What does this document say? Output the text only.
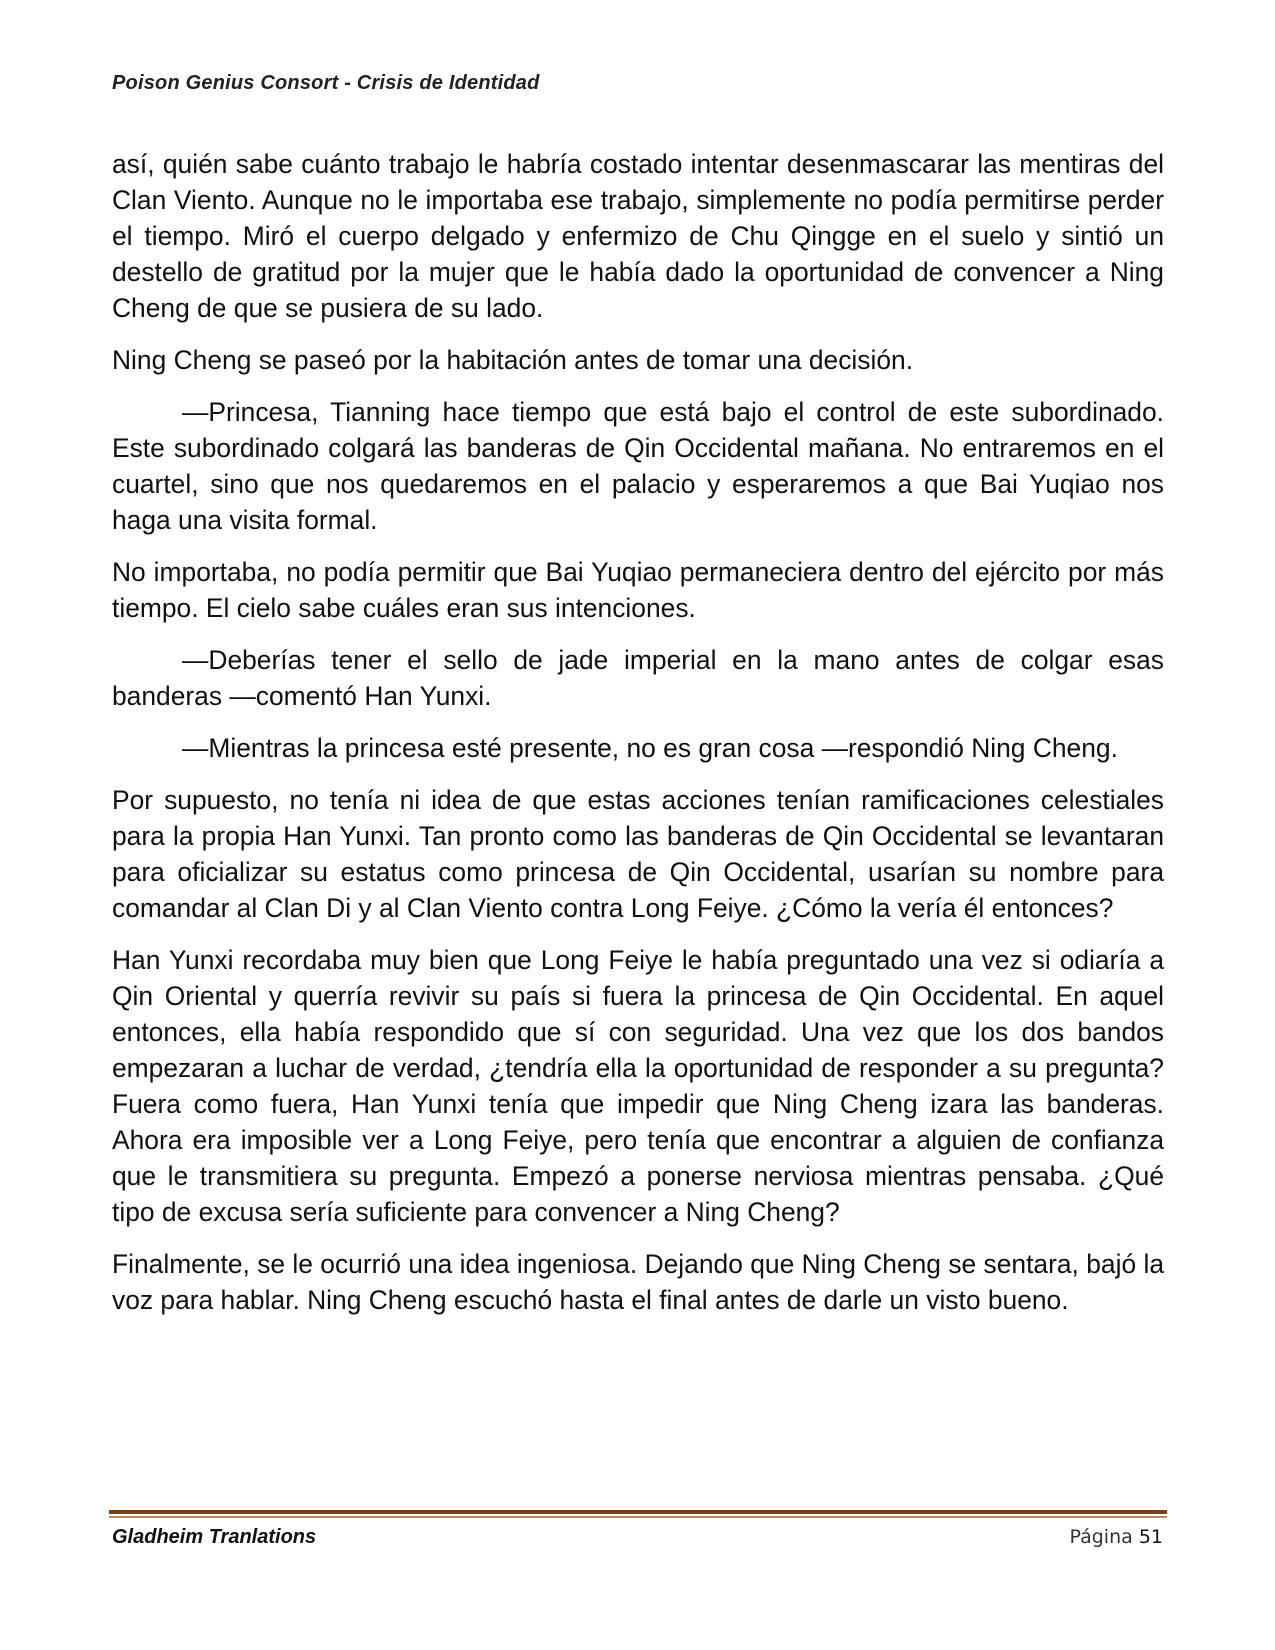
Poison Genius Consort - Crisis de Identidad

así, quién sabe cuánto trabajo le habría costado intentar desenmascarar las mentiras del Clan Viento. Aunque no le importaba ese trabajo, simplemente no podía permitirse perder el tiempo. Miró el cuerpo delgado y enfermizo de Chu Qingge en el suelo y sintió un destello de gratitud por la mujer que le había dado la oportunidad de convencer a Ning Cheng de que se pusiera de su lado.

Ning Cheng se paseó por la habitación antes de tomar una decisión.

—Princesa, Tianning hace tiempo que está bajo el control de este subordinado. Este subordinado colgará las banderas de Qin Occidental mañana. No entraremos en el cuartel, sino que nos quedaremos en el palacio y esperaremos a que Bai Yuqiao nos haga una visita formal.

No importaba, no podía permitir que Bai Yuqiao permaneciera dentro del ejército por más tiempo. El cielo sabe cuáles eran sus intenciones.

—Deberías tener el sello de jade imperial en la mano antes de colgar esas banderas —comentó Han Yunxi.

—Mientras la princesa esté presente, no es gran cosa —respondió Ning Cheng.

Por supuesto, no tenía ni idea de que estas acciones tenían ramificaciones celestiales para la propia Han Yunxi. Tan pronto como las banderas de Qin Occidental se levantaran para oficializar su estatus como princesa de Qin Occidental, usarían su nombre para comandar al Clan Di y al Clan Viento contra Long Feiye. ¿Cómo la vería él entonces?

Han Yunxi recordaba muy bien que Long Feiye le había preguntado una vez si odiaría a Qin Oriental y querría revivir su país si fuera la princesa de Qin Occidental. En aquel entonces, ella había respondido que sí con seguridad. Una vez que los dos bandos empezaran a luchar de verdad, ¿tendría ella la oportunidad de responder a su pregunta? Fuera como fuera, Han Yunxi tenía que impedir que Ning Cheng izara las banderas. Ahora era imposible ver a Long Feiye, pero tenía que encontrar a alguien de confianza que le transmitiera su pregunta. Empezó a ponerse nerviosa mientras pensaba. ¿Qué tipo de excusa sería suficiente para convencer a Ning Cheng?

Finalmente, se le ocurrió una idea ingeniosa. Dejando que Ning Cheng se sentara, bajó la voz para hablar. Ning Cheng escuchó hasta el final antes de darle un visto bueno.

Gladheim Tranlations	Página 51
